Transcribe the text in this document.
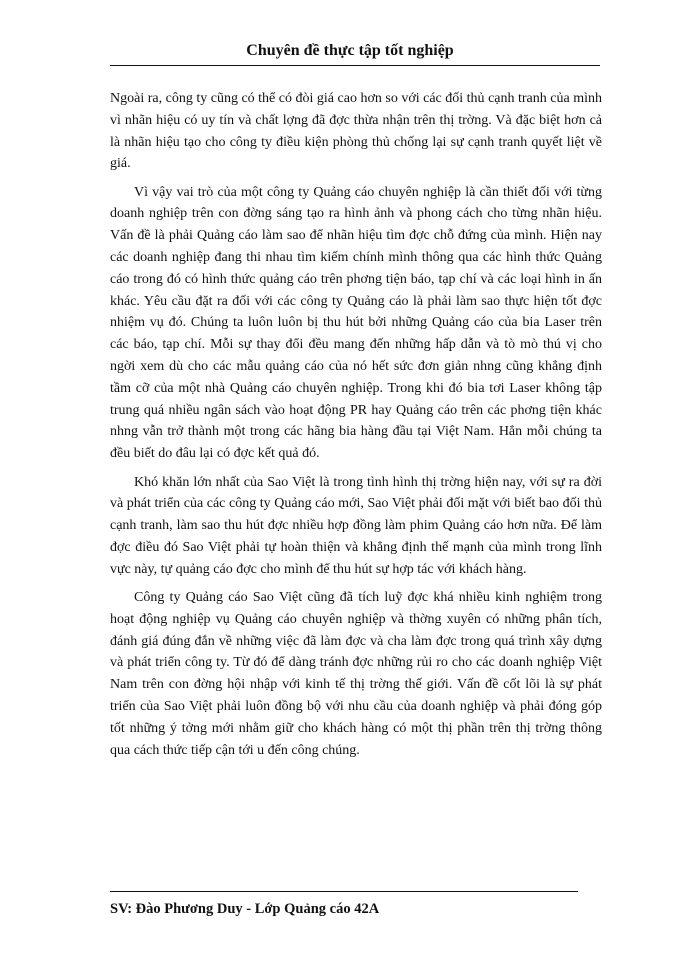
Chuyên đề thực tập tốt nghiệp

Ngoài ra, công ty cũng có thể có đòi giá cao hơn so với các đối thủ cạnh tranh của mình vì nhãn hiệu có uy tín và chất lợng đã đợc thừa nhận trên thị trờng. Và đặc biệt hơn cả là nhãn hiệu tạo cho công ty điều kiện phòng thủ chống lại sự cạnh tranh quyết liệt về giá.

Vì vậy vai trò của một công ty Quảng cáo chuyên nghiệp là cần thiết đối với từng doanh nghiệp trên con đờng sáng tạo ra hình ảnh và phong cách cho từng nhãn hiệu. Vấn đề là phải Quảng cáo làm sao để nhãn hiệu tìm đợc chỗ đứng của mình. Hiện nay các doanh nghiệp đang thi nhau tìm kiếm chính mình thông qua các hình thức Quảng cáo trong đó có hình thức quảng cáo trên phơng tiện báo, tạp chí và các loại hình in ấn khác. Yêu cầu đặt ra đối với các công ty Quảng cáo là phải làm sao thực hiện tốt đợc nhiệm vụ đó. Chúng ta luôn luôn bị thu hút bởi những Quảng cáo của bia Laser trên các báo, tạp chí. Mỗi sự thay đổi đều mang đến những hấp dẫn và tò mò thú vị cho ngời xem dù cho các mẫu quảng cáo của nó hết sức đơn giản nhng cũng khẳng định tầm cỡ của một nhà Quảng cáo chuyên nghiệp. Trong khi đó bia tơi Laser không tập trung quá nhiều ngân sách vào hoạt động PR hay Quảng cáo trên các phơng tiện khác nhng vẫn trở thành một trong các hãng bia hàng đầu tại Việt Nam. Hẳn mỗi chúng ta đều biết do đâu lại có đợc kết quả đó.

Khó khăn lớn nhất của Sao Việt là trong tình hình thị trờng hiện nay, với sự ra đời và phát triển của các công ty Quảng cáo mới, Sao Việt phải đối mặt với biết bao đối thủ cạnh tranh, làm sao thu hút đợc nhiều hợp đồng làm phim Quảng cáo hơn nữa. Để làm đợc điều đó Sao Việt phải tự hoàn thiện và khẳng định thế mạnh của mình trong lĩnh vực này, tự quảng cáo đợc cho mình để thu hút sự hợp tác với khách hàng.

Công ty Quảng cáo Sao Việt cũng đã tích luỹ đợc khá nhiều kinh nghiệm trong hoạt động nghiệp vụ Quảng cáo chuyên nghiệp và thờng xuyên có những phân tích, đánh giá đúng đắn về những việc đã làm đợc và cha làm đợc trong quá trình xây dựng và phát triển công ty. Từ đó để dàng tránh đợc những rủi ro cho các doanh nghiệp Việt Nam trên con đờng hội nhập với kinh tế thị trờng thế giới. Vấn đề cốt lõi là sự phát triển của Sao Việt phải luôn đồng bộ với nhu cầu của doanh nghiệp và phải đóng góp tốt những ý tởng mới nhằm giữ cho khách hàng có một thị phần trên thị trờng thông qua cách thức tiếp cận tới u đến công chúng.

SV: Đào Phương Duy - Lớp Quảng cáo 42A
